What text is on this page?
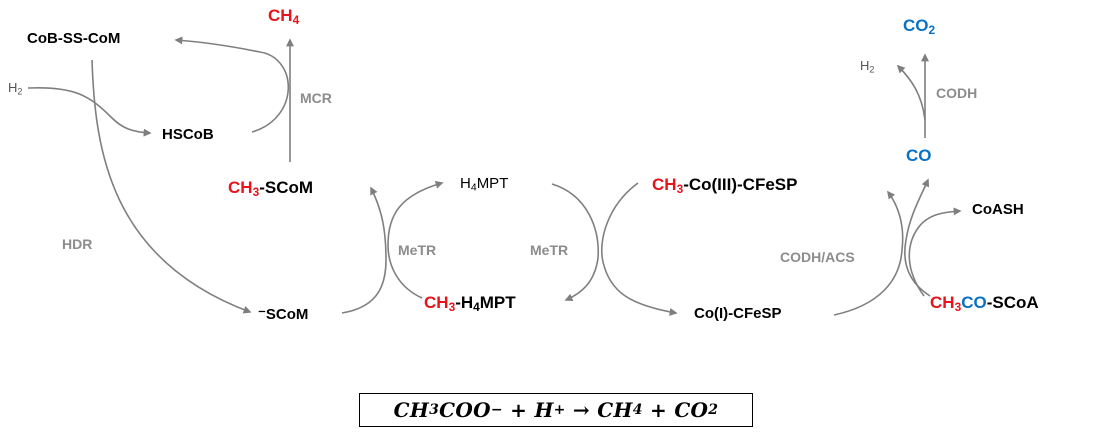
CoB-SS-CoM
$CH_4$
$H_2$
HSCoB
$CH_3$-SCoM
⁻SCoM
$H_4MPT$
$CH_3-H_4MPT$
$CH_3-Co(III)$-CFeSP
Co(I)-CFeSP
$CO_2$
$H_2$
CO
CoASH
$CH_3CO$-SCoA
MCR
HDR	MeTR	MeTR	CODH/ACS
CODH
CH 3 COO − + H + → CH 4 + CO 2
